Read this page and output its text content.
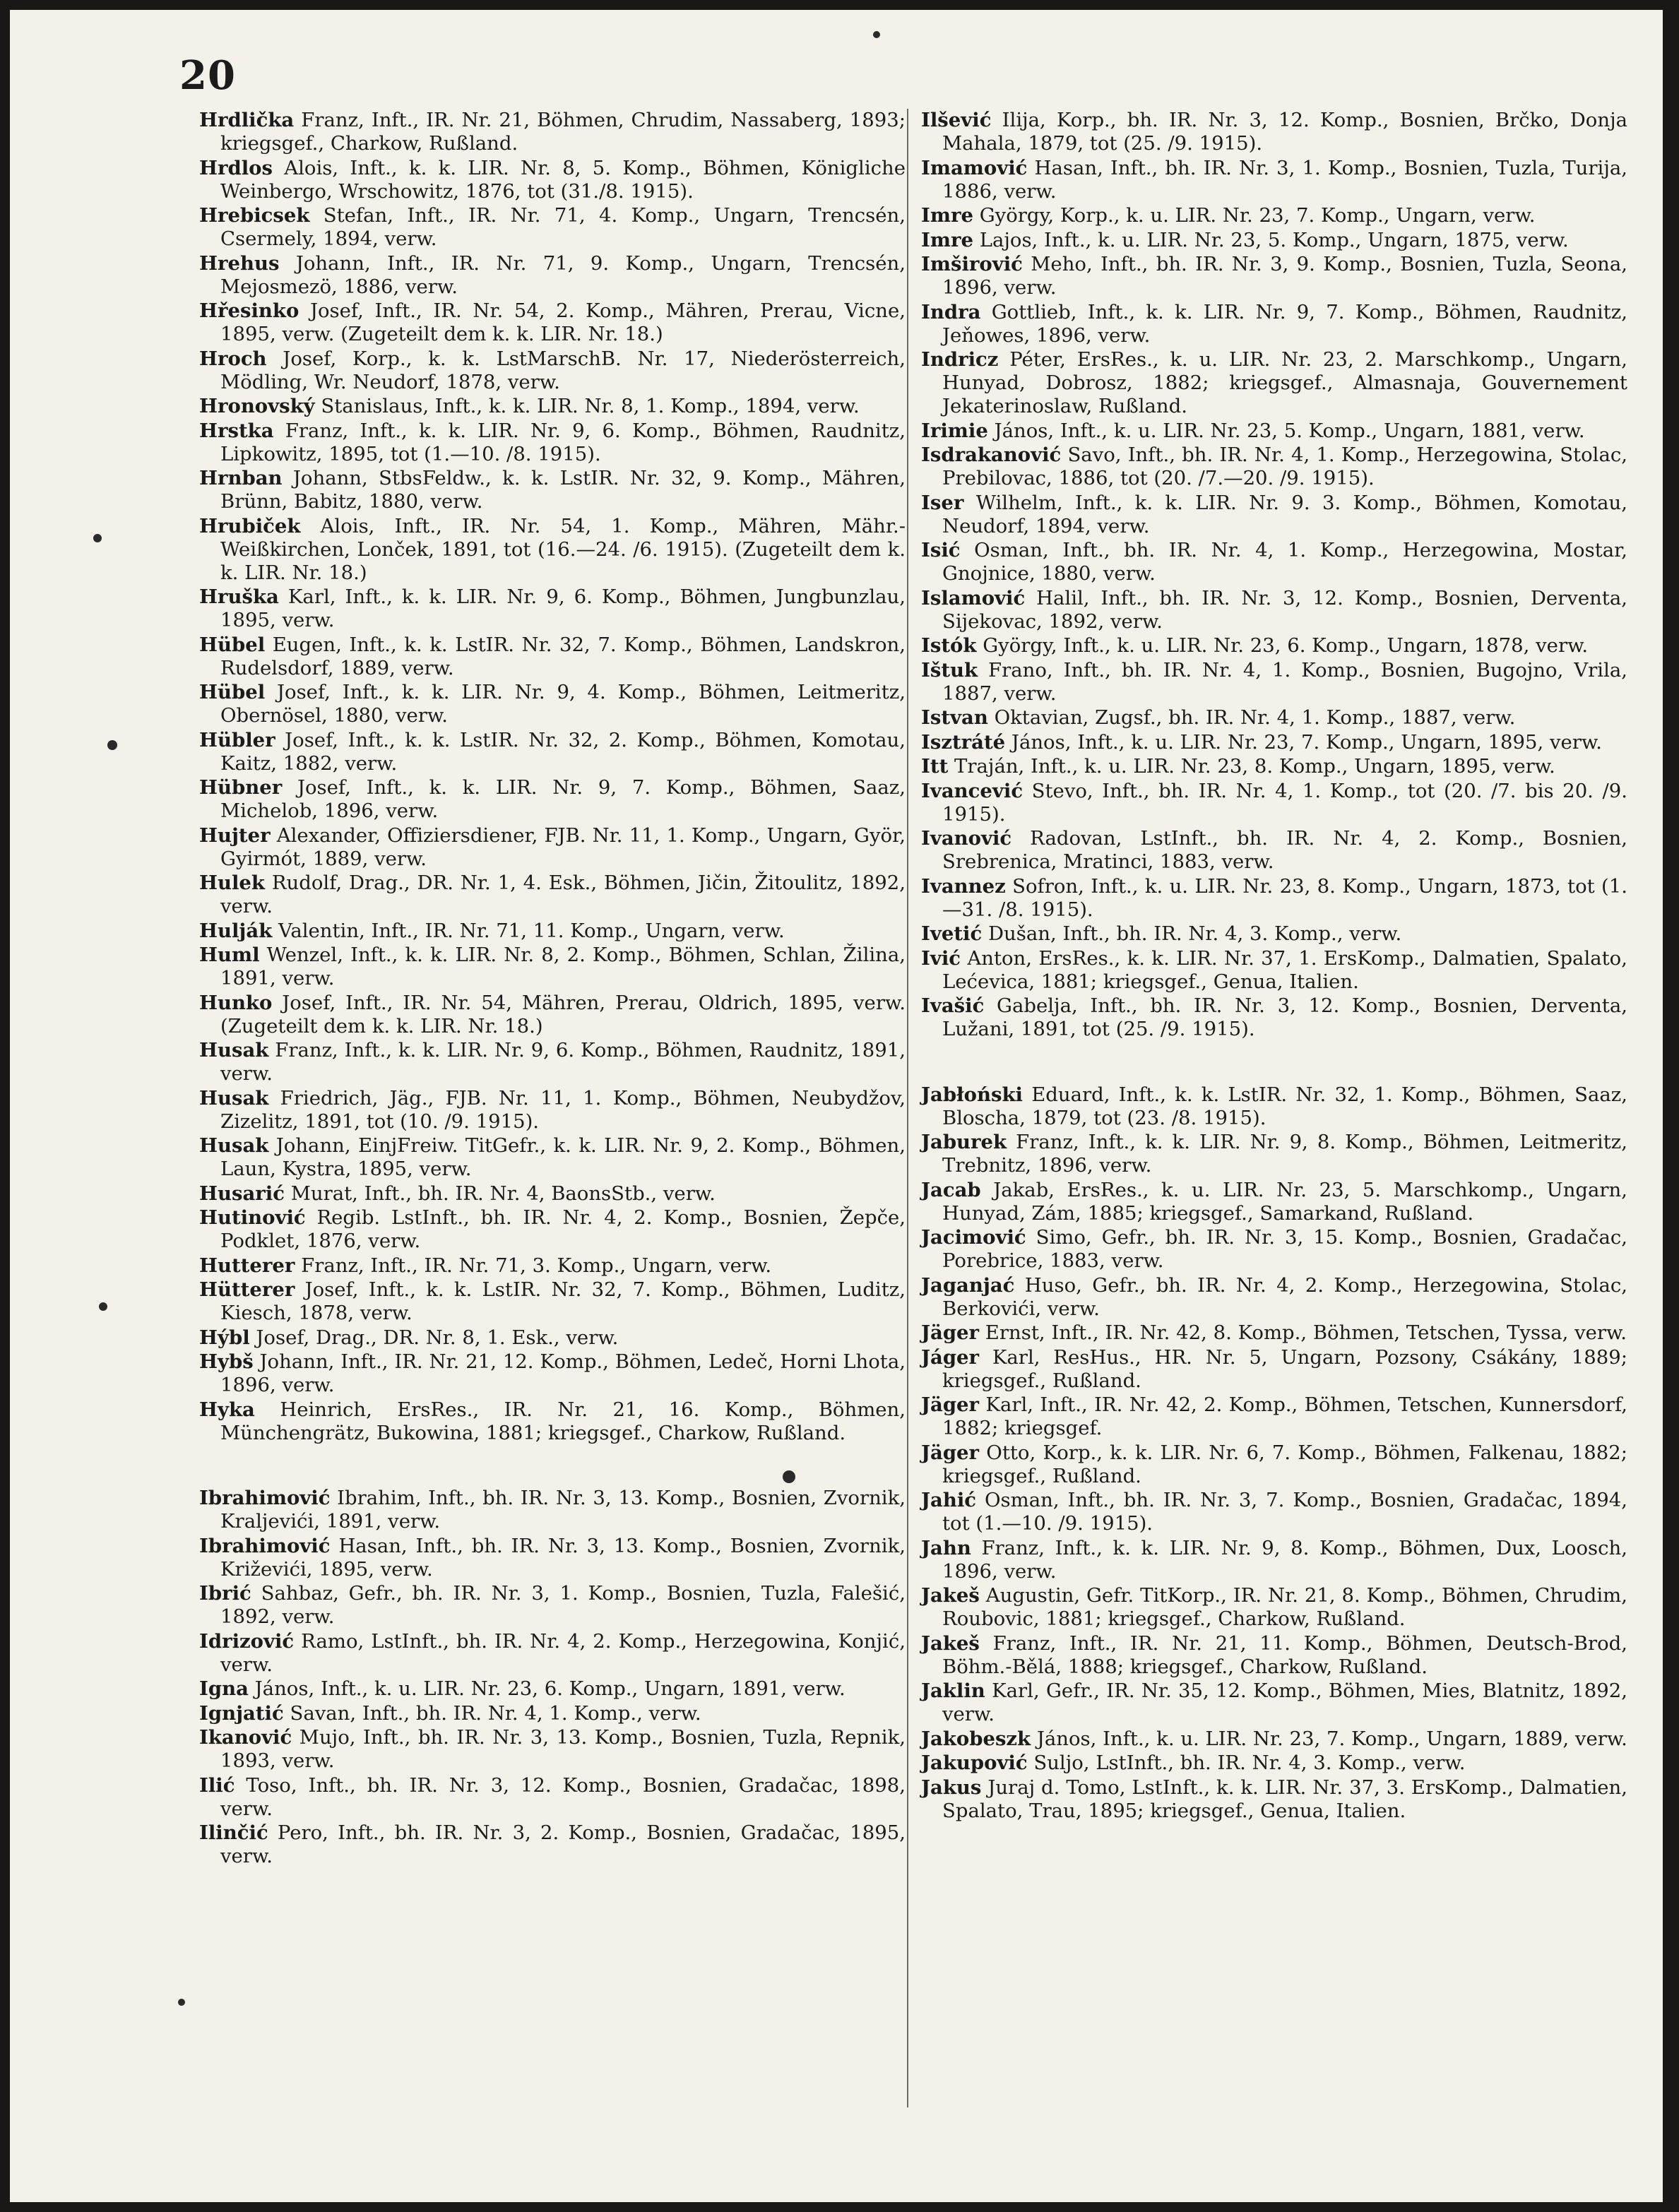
20

Hrdlička Franz, Inft., IR. Nr. 21, Böhmen, Chrudim, Nassaberg, 1893; kriegsgef., Charkow, Rußland.

Hrdlos Alois, Inft., k. k. LIR. Nr. 8, 5. Komp., Böhmen, Königliche Weinbergo, Wrschowitz, 1876, tot (31./8. 1915).

Hrebicsek Stefan, Inft., IR. Nr. 71, 4. Komp., Ungarn, Trencsén, Csermely, 1894, verw.

Hrehus Johann, Inft., IR. Nr. 71, 9. Komp., Ungarn, Trencsén, Mejosmezö, 1886, verw.

Hřesinko Josef, Inft., IR. Nr. 54, 2. Komp., Mähren, Prerau, Vicne, 1895, verw. (Zugeteilt dem k. k. LIR. Nr. 18.)

Hroch Josef, Korp., k. k. LstMarschB. Nr. 17, Niederösterreich, Mödling, Wr. Neudorf, 1878, verw.

Hronovský Stanislaus, Inft., k. k. LIR. Nr. 8, 1. Komp., 1894, verw.

Hrstka Franz, Inft., k. k. LIR. Nr. 9, 6. Komp., Böhmen, Raudnitz, Lipkowitz, 1895, tot (1.—10. /8. 1915).

Hrnban Johann, StbsFeldw., k. k. LstIR. Nr. 32, 9. Komp., Mähren, Brünn, Babitz, 1880, verw.

Hrubiček Alois, Inft., IR. Nr. 54, 1. Komp., Mähren, Mähr.-Weißkirchen, Lonček, 1891, tot (16.—24. /6. 1915). (Zugeteilt dem k. k. LIR. Nr. 18.)

Hruška Karl, Inft., k. k. LIR. Nr. 9, 6. Komp., Böhmen, Jungbunzlau, 1895, verw.

Hübel Eugen, Inft., k. k. LstIR. Nr. 32, 7. Komp., Böhmen, Landskron, Rudelsdorf, 1889, verw.

Hübel Josef, Inft., k. k. LIR. Nr. 9, 4. Komp., Böhmen, Leitmeritz, Obernösel, 1880, verw.

Hübler Josef, Inft., k. k. LstIR. Nr. 32, 2. Komp., Böhmen, Komotau, Kaitz, 1882, verw.

Hübner Josef, Inft., k. k. LIR. Nr. 9, 7. Komp., Böhmen, Saaz, Michelob, 1896, verw.

Hujter Alexander, Offiziersdiener, FJB. Nr. 11, 1. Komp., Ungarn, Györ, Gyirmót, 1889, verw.

Hulek Rudolf, Drag., DR. Nr. 1, 4. Esk., Böhmen, Jičin, Žitoulitz, 1892, verw.

Hulják Valentin, Inft., IR. Nr. 71, 11. Komp., Ungarn, verw.

Huml Wenzel, Inft., k. k. LIR. Nr. 8, 2. Komp., Böhmen, Schlan, Žilina, 1891, verw.

Hunko Josef, Inft., IR. Nr. 54, Mähren, Prerau, Oldrich, 1895, verw. (Zugeteilt dem k. k. LIR. Nr. 18.)

Husak Franz, Inft., k. k. LIR. Nr. 9, 6. Komp., Böhmen, Raudnitz, 1891, verw.

Husak Friedrich, Jäg., FJB. Nr. 11, 1. Komp., Böhmen, Neubydžov, Zizelitz, 1891, tot (10. /9. 1915).

Husak Johann, EinjFreiw. TitGefr., k. k. LIR. Nr. 9, 2. Komp., Böhmen, Laun, Kystra, 1895, verw.

Husarić Murat, Inft., bh. IR. Nr. 4, BaonsStb., verw.

Hutinović Regib. LstInft., bh. IR. Nr. 4, 2. Komp., Bosnien, Žepče, Podklet, 1876, verw.

Hutterer Franz, Inft., IR. Nr. 71, 3. Komp., Ungarn, verw.

Hütterer Josef, Inft., k. k. LstIR. Nr. 32, 7. Komp., Böhmen, Luditz, Kiesch, 1878, verw.

Hýbl Josef, Drag., DR. Nr. 8, 1. Esk., verw.

Hybš Johann, Inft., IR. Nr. 21, 12. Komp., Böhmen, Ledeč, Horni Lhota, 1896, verw.

Hyka Heinrich, ErsRes., IR. Nr. 21, 16. Komp., Böhmen, Münchengrätz, Bukowina, 1881; kriegsgef., Charkow, Rußland.

Ibrahimović Ibrahim, Inft., bh. IR. Nr. 3, 13. Komp., Bosnien, Zvornik, Kraljevići, 1891, verw.

Ibrahimović Hasan, Inft., bh. IR. Nr. 3, 13. Komp., Bosnien, Zvornik, Križevići, 1895, verw.

Ibrić Sahbaz, Gefr., bh. IR. Nr. 3, 1. Komp., Bosnien, Tuzla, Falešić, 1892, verw.

Idrizović Ramo, LstInft., bh. IR. Nr. 4, 2. Komp., Herzegowina, Konjić, verw.

Igna János, Inft., k. u. LIR. Nr. 23, 6. Komp., Ungarn, 1891, verw.

Ignjatić Savan, Inft., bh. IR. Nr. 4, 1. Komp., verw.

Ikanović Mujo, Inft., bh. IR. Nr. 3, 13. Komp., Bosnien, Tuzla, Repnik, 1893, verw.

Ilić Toso, Inft., bh. IR. Nr. 3, 12. Komp., Bosnien, Gradačac, 1898, verw.

Ilinčić Pero, Inft., bh. IR. Nr. 3, 2. Komp., Bosnien, Gradačac, 1895, verw.

Ilšević Ilija, Korp., bh. IR. Nr. 3, 12. Komp., Bosnien, Brčko, Donja Mahala, 1879, tot (25. /9. 1915).

Imamović Hasan, Inft., bh. IR. Nr. 3, 1. Komp., Bosnien, Tuzla, Turija, 1886, verw.

Imre György, Korp., k. u. LIR. Nr. 23, 7. Komp., Ungarn, verw.

Imre Lajos, Inft., k. u. LIR. Nr. 23, 5. Komp., Ungarn, 1875, verw.

Imširović Meho, Inft., bh. IR. Nr. 3, 9. Komp., Bosnien, Tuzla, Seona, 1896, verw.

Indra Gottlieb, Inft., k. k. LIR. Nr. 9, 7. Komp., Böhmen, Raudnitz, Jeňowes, 1896, verw.

Indricz Péter, ErsRes., k. u. LIR. Nr. 23, 2. Marschkomp., Ungarn, Hunyad, Dobrosz, 1882; kriegsgef., Almasnaja, Gouvernement Jekaterinoslaw, Rußland.

Irimie János, Inft., k. u. LIR. Nr. 23, 5. Komp., Ungarn, 1881, verw.

Isdrakanović Savo, Inft., bh. IR. Nr. 4, 1. Komp., Herzegowina, Stolac, Prebilovac, 1886, tot (20. /7.—20. /9. 1915).

Iser Wilhelm, Inft., k. k. LIR. Nr. 9. 3. Komp., Böhmen, Komotau, Neudorf, 1894, verw.

Isić Osman, Inft., bh. IR. Nr. 4, 1. Komp., Herzegowina, Mostar, Gnojnice, 1880, verw.

Islamović Halil, Inft., bh. IR. Nr. 3, 12. Komp., Bosnien, Derventa, Sijekovac, 1892, verw.

Istók György, Inft., k. u. LIR. Nr. 23, 6. Komp., Ungarn, 1878, verw.

Ištuk Frano, Inft., bh. IR. Nr. 4, 1. Komp., Bosnien, Bugojno, Vrila, 1887, verw.

Istvan Oktavian, Zugsf., bh. IR. Nr. 4, 1. Komp., 1887, verw.

Isztráté János, Inft., k. u. LIR. Nr. 23, 7. Komp., Ungarn, 1895, verw.

Itt Traján, Inft., k. u. LIR. Nr. 23, 8. Komp., Ungarn, 1895, verw.

Ivancević Stevo, Inft., bh. IR. Nr. 4, 1. Komp., tot (20. /7. bis 20. /9. 1915).

Ivanović Radovan, LstInft., bh. IR. Nr. 4, 2. Komp., Bosnien, Srebrenica, Mratinci, 1883, verw.

Ivannez Sofron, Inft., k. u. LIR. Nr. 23, 8. Komp., Ungarn, 1873, tot (1.—31. /8. 1915).

Ivetić Dušan, Inft., bh. IR. Nr. 4, 3. Komp., verw.

Ivić Anton, ErsRes., k. k. LIR. Nr. 37, 1. ErsKomp., Dalmatien, Spalato, Lećevica, 1881; kriegsgef., Genua, Italien.

Ivašić Gabelja, Inft., bh. IR. Nr. 3, 12. Komp., Bosnien, Derventa, Lužani, 1891, tot (25. /9. 1915).

Jabłoński Eduard, Inft., k. k. LstIR. Nr. 32, 1. Komp., Böhmen, Saaz, Bloscha, 1879, tot (23. /8. 1915).

Jaburek Franz, Inft., k. k. LIR. Nr. 9, 8. Komp., Böhmen, Leitmeritz, Trebnitz, 1896, verw.

Jacab Jakab, ErsRes., k. u. LIR. Nr. 23, 5. Marschkomp., Ungarn, Hunyad, Zám, 1885; kriegsgef., Samarkand, Rußland.

Jacimović Simo, Gefr., bh. IR. Nr. 3, 15. Komp., Bosnien, Gradačac, Porebrice, 1883, verw.

Jaganjać Huso, Gefr., bh. IR. Nr. 4, 2. Komp., Herzegowina, Stolac, Berkovići, verw.

Jäger Ernst, Inft., IR. Nr. 42, 8. Komp., Böhmen, Tetschen, Tyssa, verw.

Jáger Karl, ResHus., HR. Nr. 5, Ungarn, Pozsony, Csákány, 1889; kriegsgef., Rußland.

Jäger Karl, Inft., IR. Nr. 42, 2. Komp., Böhmen, Tetschen, Kunnersdorf, 1882; kriegsgef.

Jäger Otto, Korp., k. k. LIR. Nr. 6, 7. Komp., Böhmen, Falkenau, 1882; kriegsgef., Rußland.

Jahić Osman, Inft., bh. IR. Nr. 3, 7. Komp., Bosnien, Gradačac, 1894, tot (1.—10. /9. 1915).

Jahn Franz, Inft., k. k. LIR. Nr. 9, 8. Komp., Böhmen, Dux, Loosch, 1896, verw.

Jakeš Augustin, Gefr. TitKorp., IR. Nr. 21, 8. Komp., Böhmen, Chrudim, Roubovic, 1881; kriegsgef., Charkow, Rußland.

Jakeš Franz, Inft., IR. Nr. 21, 11. Komp., Böhmen, Deutsch-Brod, Böhm.-Bělá, 1888; kriegsgef., Charkow, Rußland.

Jaklin Karl, Gefr., IR. Nr. 35, 12. Komp., Böhmen, Mies, Blatnitz, 1892, verw.

Jakobeszk János, Inft., k. u. LIR. Nr. 23, 7. Komp., Ungarn, 1889, verw.

Jakupović Suljo, LstInft., bh. IR. Nr. 4, 3. Komp., verw.

Jakus Juraj d. Tomo, LstInft., k. k. LIR. Nr. 37, 3. ErsKomp., Dalmatien, Spalato, Trau, 1895; kriegsgef., Genua, Italien.
